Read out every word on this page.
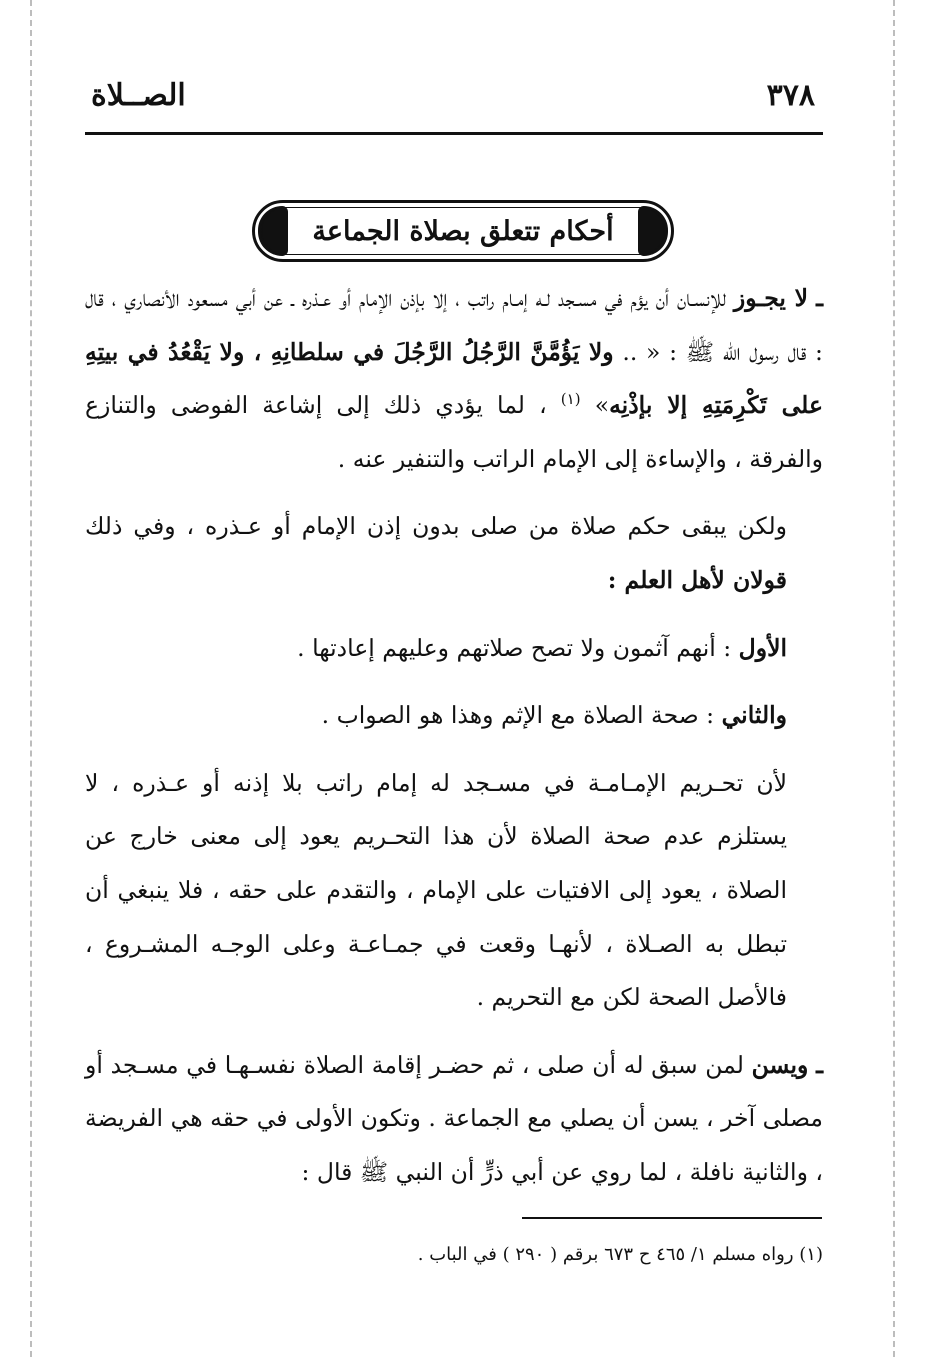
٣٧٨
الصــلاة
أحكام تتعلق بصلاة الجماعة

ـ لا يجـوز للإنسـان أن يؤم في مسـجد لـه إمـام راتب ، إلا بإذن الإمام أو عـذره ـ عن أبي مسعود الأنصاري ، قال : قال رسول الله ﷺ : « .. ولا يَؤُمَّنَّ الرَّجُلُ الرَّجُلَ في سلطانِهِ ، ولا يَقْعُدُ في بيتِهِ على تَكْرِمَتِهِ إلا بإذْنِه» $^{(١)}$ ، لما يؤدي ذلك إلى إشاعة الفوضى والتنازع والفرقة ، والإساءة إلى الإمام الراتب والتنفير عنه .

ولكن يبقى حكم صلاة من صلى بدون إذن الإمام أو عـذره ، وفي ذلك قولان لأهل العلم :

الأول : أنهم آثمون ولا تصح صلاتهم وعليهم إعادتها .

والثاني : صحة الصلاة مع الإثم وهذا هو الصواب .

لأن تحـريم الإمـامـة في مسـجد له إمام راتب بلا إذنه أو عـذره ، لا يستلزم عدم صحة الصلاة لأن هذا التحـريم يعود إلى معنى خارج عن الصلاة ، يعود إلى الافتيات على الإمام ، والتقدم على حقه ، فلا ينبغي أن تبطل به الصـلاة ، لأنهـا وقعت في جمـاعـة وعلى الوجـه المشـروع ، فالأصل الصحة لكن مع التحريم .

ـ ويسن لمن سبق له أن صلى ، ثم حضـر إقامة الصلاة نفسـهـا في مسـجد أو مصلى آخر ، يسن أن يصلي مع الجماعة . وتكون الأولى في حقه هي الفريضة ، والثانية نافلة ، لما روي عن أبي ذرٍّ أن النبي ﷺ قال :

(١) رواه مسلم ١/ ٤٦٥ ح ٦٧٣ برقم ( ٢٩٠ ) في الباب .
